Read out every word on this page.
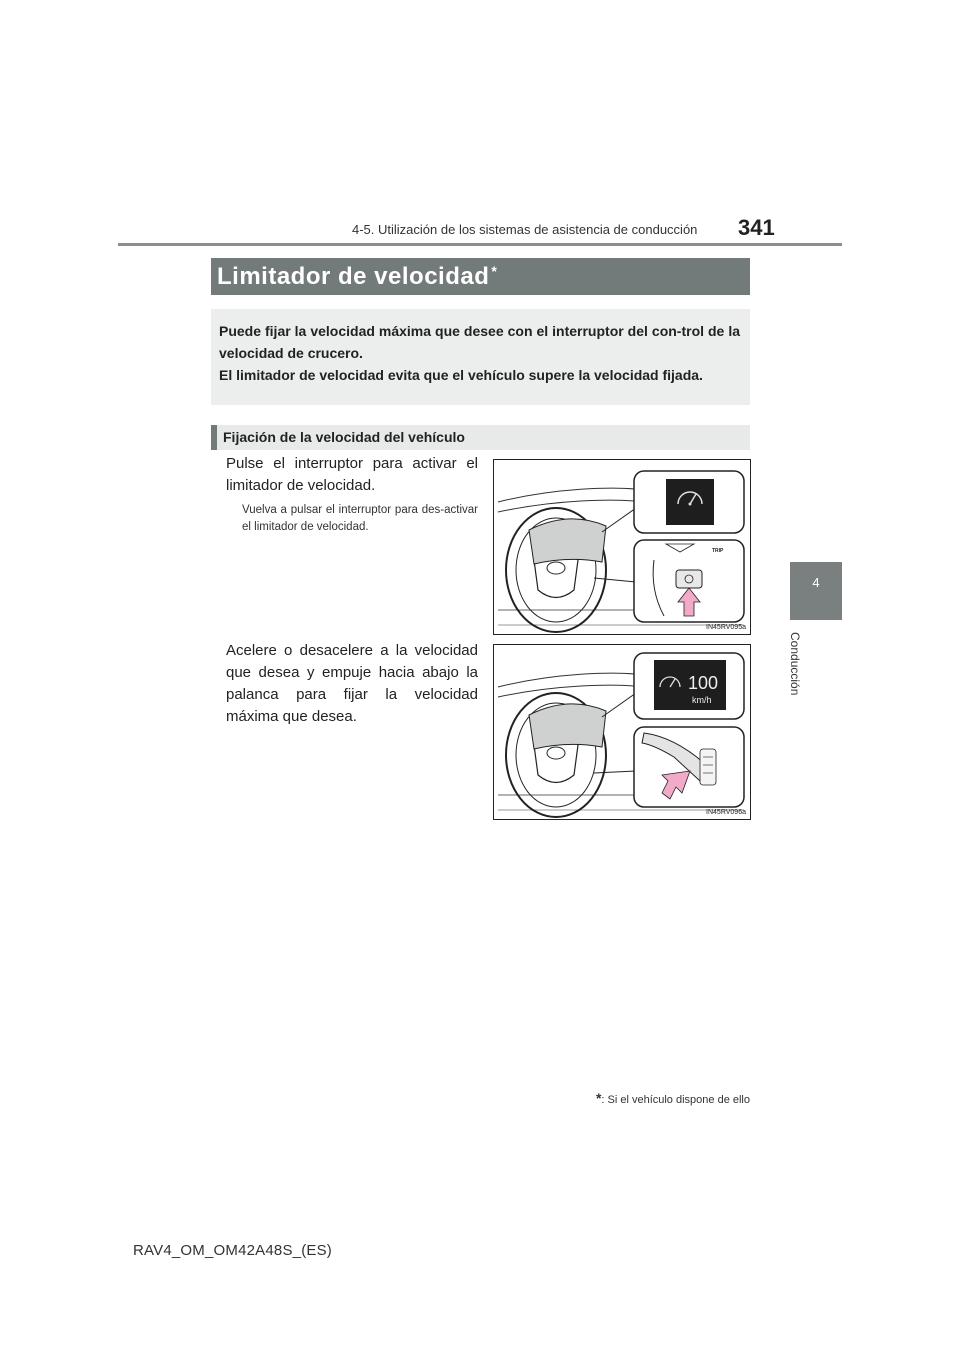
4-5. Utilización de los sistemas de asistencia de conducción 341
4
Conducción
Limitador de velocidad *

Puede fijar la velocidad máxima que desee con el interruptor del con-trol de la velocidad de crucero.

El limitador de velocidad evita que el vehículo supere la velocidad fijada.

Fijación de la velocidad del vehículo
Pulse el interruptor para activar el limitador de velocidad.
Vuelva a pulsar el interruptor para des-activar el limitador de velocidad.
TRIP
IN45RV095a
Acelere o desacelere a la velocidad que desea y empuje hacia abajo la palanca para fijar la velocidad máxima que desea.
100
km/h
IN45RV096a
*: Si el vehículo dispone de ello
RAV4_OM_OM42A48S_(ES)
